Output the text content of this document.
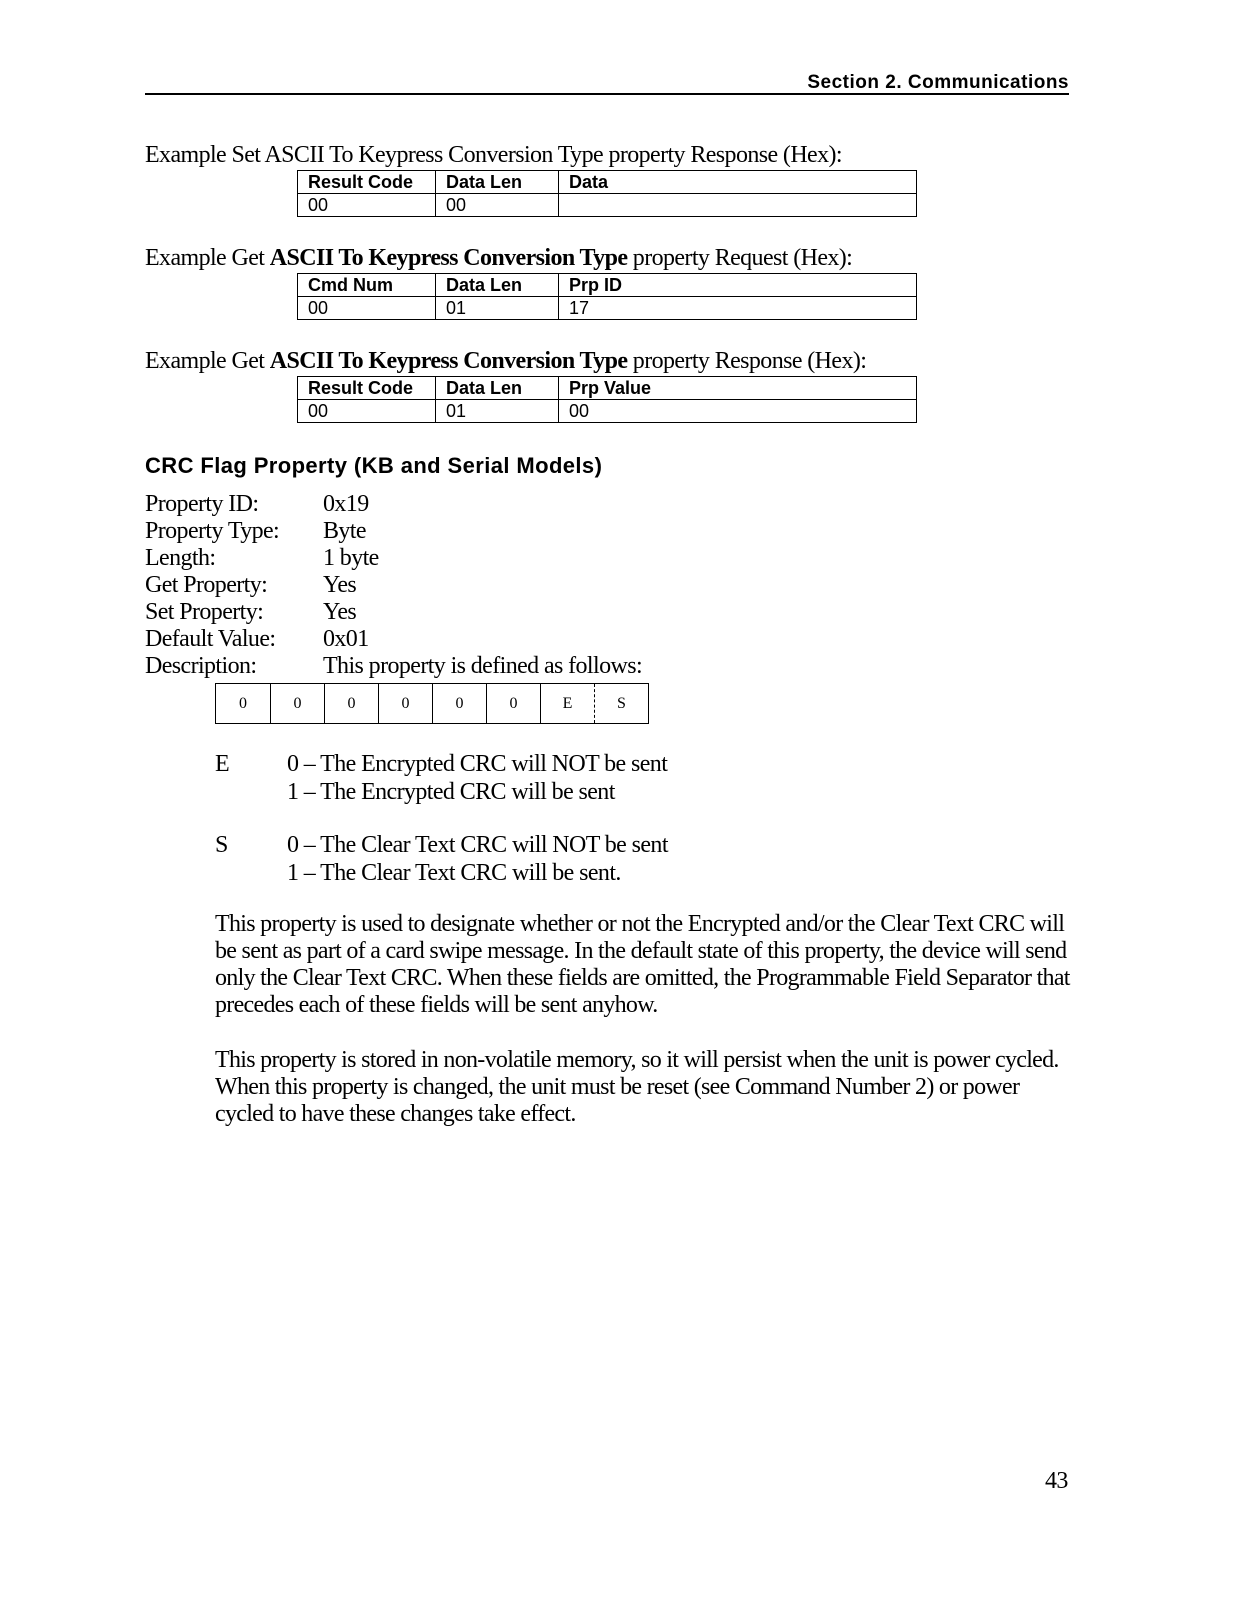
Section 2. Communications
Example Set ASCII To Keypress Conversion Type property Response (Hex):
Result Code	Data Len	Data
00	00	
Example Get ASCII To Keypress Conversion Type property Request (Hex):
Cmd Num	Data Len	Prp ID
00	01	17
Example Get ASCII To Keypress Conversion Type property Response (Hex):
Result Code	Data Len	Prp Value
00	01	00
CRC Flag Property (KB and Serial Models)
Property ID:	0x19
Property Type: Byte
Length:	1 byte
Get Property: Yes
Set Property: Yes
Default Value: 0x01
Description:	This property is defined as follows:
0	0	0	0	0	0	E	S
E 0 – The Encrypted CRC will NOT be sent
1 – The Encrypted CRC will be sent
S 0 – The Clear Text CRC will NOT be sent
1 – The Clear Text CRC will be sent.

This property is used to designate whether or not the Encrypted and/or the Clear Text CRC will be sent as part of a card swipe message. In the default state of this property, the device will send only the Clear Text CRC. When these fields are omitted, the Programmable Field Separator that precedes each of these fields will be sent anyhow.

This property is stored in non-volatile memory, so it will persist when the unit is power cycled. When this property is changed, the unit must be reset (see Command Number 2) or power cycled to have these changes take effect.

43
